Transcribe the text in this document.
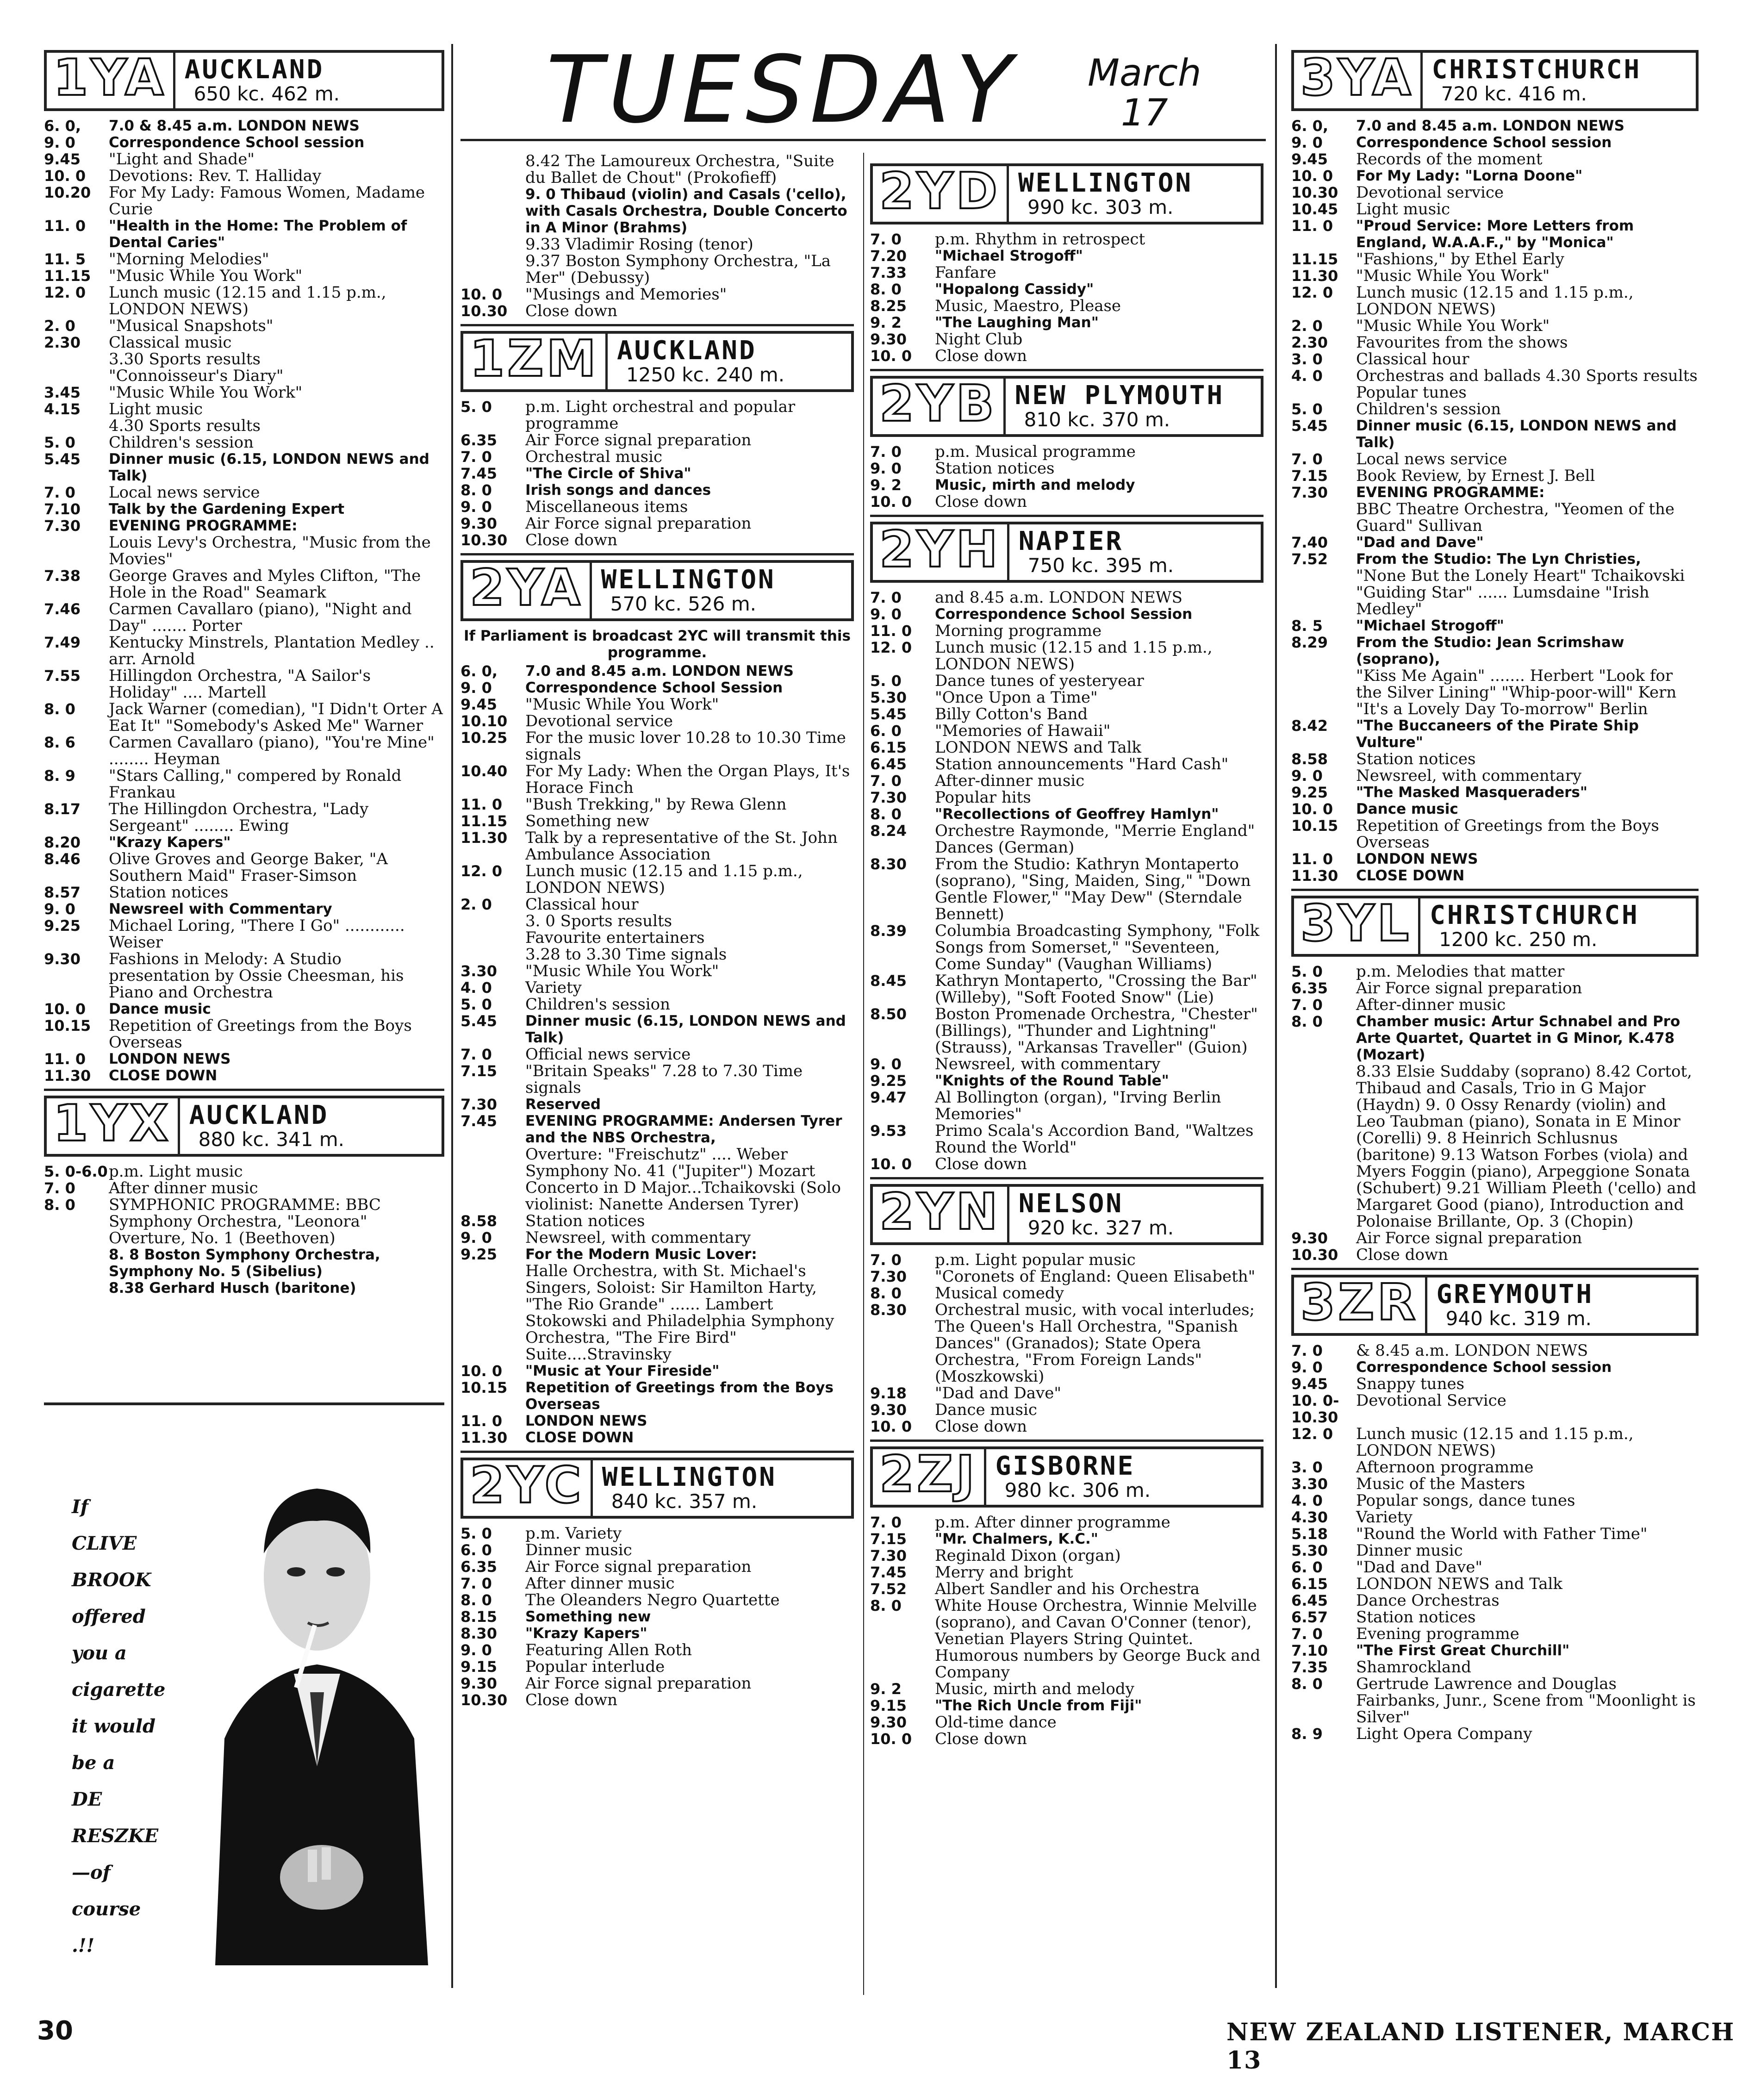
TUESDAY March
17
1YA AUCKLAND
650 kc. 462 m.
6. 0,	7.0 & 8.45 a.m. LONDON NEWS
9. 0	Correspondence School session
9.45	"Light and Shade"
10. 0	Devotions: Rev. T. Halliday
10.20	For My Lady: Famous Women, Madame Curie
11. 0	"Health in the Home: The Problem of Dental Caries"
11. 5	"Morning Melodies"
11.15	"Music While You Work"
12. 0	Lunch music (12.15 and 1.15 p.m., LONDON NEWS)
2. 0	"Musical Snapshots"
2.30	Classical music
3.30 Sports results
"Connoisseur's Diary"
3.45	"Music While You Work"
4.15	Light music
4.30 Sports results
5. 0	Children's session
5.45	Dinner music (6.15, LONDON NEWS and Talk)
7. 0	Local news service
7.10	Talk by the Gardening Expert
7.30	EVENING PROGRAMME:
Louis Levy's Orchestra, "Music from the Movies"
7.38	George Graves and Myles Clifton, "The Hole in the Road" Seamark
7.46	Carmen Cavallaro (piano), "Night and Day" ....... Porter
7.49	Kentucky Minstrels, Plantation Medley .. arr. Arnold
7.55	Hillingdon Orchestra, "A Sailor's Holiday" .... Martell
8. 0	Jack Warner (comedian), "I Didn't Orter A Eat It" "Somebody's Asked Me" Warner
8. 6	Carmen Cavallaro (piano), "You're Mine" ........ Heyman
8. 9	"Stars Calling," compered by Ronald Frankau
8.17	The Hillingdon Orchestra, "Lady Sergeant" ........ Ewing
8.20	"Krazy Kapers"
8.46	Olive Groves and George Baker, "A Southern Maid" Fraser-Simson
8.57	Station notices
9. 0	Newsreel with Commentary
9.25	Michael Loring, "There I Go" ............ Weiser
9.30	Fashions in Melody: A Studio presentation by Ossie Cheesman, his Piano and Orchestra
10. 0	Dance music
10.15	Repetition of Greetings from the Boys Overseas
11. 0	LONDON NEWS
11.30	CLOSE DOWN
1YX AUCKLAND
880 kc. 341 m.
5. 0-6.0 p.m. Light music
7. 0	After dinner music
8. 0	SYMPHONIC PROGRAMME: BBC Symphony Orchestra, "Leonora" Overture, No. 1 (Beethoven)
8. 8 Boston Symphony Orchestra, Symphony No. 5 (Sibelius)
8.38 Gerhard Husch (baritone)
8.42 The Lamoureux Orchestra, "Suite du Ballet de Chout" (Prokofieff)
9. 0 Thibaud (violin) and Casals ('cello), with Casals Orchestra, Double Concerto in A Minor (Brahms)
9.33 Vladimir Rosing (tenor)
9.37 Boston Symphony Orchestra, "La Mer" (Debussy)
10. 0	"Musings and Memories"
10.30	Close down
1ZM AUCKLAND
1250 kc. 240 m.
5. 0	p.m. Light orchestral and popular programme
6.35	Air Force signal preparation
7. 0	Orchestral music
7.45	"The Circle of Shiva"
8. 0	Irish songs and dances
9. 0	Miscellaneous items
9.30	Air Force signal preparation
10.30	Close down
2YA WELLINGTON
570 kc. 526 m.
If Parliament is broadcast 2YC will transmit this programme.
6. 0,	7.0 and 8.45 a.m. LONDON NEWS
9. 0	Correspondence School Session
9.45	"Music While You Work"
10.10	Devotional service
10.25	For the music lover 10.28 to 10.30 Time signals
10.40	For My Lady: When the Organ Plays, It's Horace Finch
11. 0	"Bush Trekking," by Rewa Glenn
11.15	Something new
11.30	Talk by a representative of the St. John Ambulance Association
12. 0	Lunch music (12.15 and 1.15 p.m., LONDON NEWS)
2. 0	Classical hour
3. 0 Sports results
Favourite entertainers
3.28 to 3.30 Time signals
3.30	"Music While You Work"
4. 0	Variety
5. 0	Children's session
5.45	Dinner music (6.15, LONDON NEWS and Talk)
7. 0	Official news service
7.15	"Britain Speaks" 7.28 to 7.30 Time signals
7.30	Reserved
7.45	EVENING PROGRAMME: Andersen Tyrer and the NBS Orchestra,
Overture: "Freischutz" .... Weber Symphony No. 41 ("Jupiter") Mozart Concerto in D Major...Tchaikovski (Solo violinist: Nanette Andersen Tyrer)
8.58	Station notices
9. 0	Newsreel, with commentary
9.25	For the Modern Music Lover:
Halle Orchestra, with St. Michael's Singers, Soloist: Sir Hamilton Harty, "The Rio Grande" ...... Lambert Stokowski and Philadelphia Symphony Orchestra, "The Fire Bird" Suite....Stravinsky
10. 0	"Music at Your Fireside"
10.15	Repetition of Greetings from the Boys Overseas
11. 0	LONDON NEWS
11.30	CLOSE DOWN
2YC WELLINGTON
840 kc. 357 m.
5. 0	p.m. Variety
6. 0	Dinner music
6.35	Air Force signal preparation
7. 0	After dinner music
8. 0	The Oleanders Negro Quartette
8.15	Something new
8.30	"Krazy Kapers"
9. 0	Featuring Allen Roth
9.15	Popular interlude
9.30	Air Force signal preparation
10.30	Close down
2YD WELLINGTON
990 kc. 303 m.
7. 0	p.m. Rhythm in retrospect
7.20	"Michael Strogoff"
7.33	Fanfare
8. 0	"Hopalong Cassidy"
8.25	Music, Maestro, Please
9. 2	"The Laughing Man"
9.30	Night Club
10. 0	Close down
2YB NEW PLYMOUTH
810 kc. 370 m.
7. 0	p.m. Musical programme
9. 0	Station notices
9. 2	Music, mirth and melody
10. 0	Close down
2YH NAPIER
750 kc. 395 m.
7. 0	and 8.45 a.m. LONDON NEWS
9. 0	Correspondence School Session
11. 0	Morning programme
12. 0	Lunch music (12.15 and 1.15 p.m., LONDON NEWS)
5. 0	Dance tunes of yesteryear
5.30	"Once Upon a Time"
5.45	Billy Cotton's Band
6. 0	"Memories of Hawaii"
6.15	LONDON NEWS and Talk
6.45	Station announcements "Hard Cash"
7. 0	After-dinner music
7.30	Popular hits
8. 0	"Recollections of Geoffrey Hamlyn"
8.24	Orchestre Raymonde, "Merrie England" Dances (German)
8.30	From the Studio: Kathryn Montaperto (soprano), "Sing, Maiden, Sing," "Down Gentle Flower," "May Dew" (Sterndale Bennett)
8.39	Columbia Broadcasting Symphony, "Folk Songs from Somerset," "Seventeen, Come Sunday" (Vaughan Williams)
8.45	Kathryn Montaperto, "Crossing the Bar" (Willeby), "Soft Footed Snow" (Lie)
8.50	Boston Promenade Orchestra, "Chester" (Billings), "Thunder and Lightning" (Strauss), "Arkansas Traveller" (Guion)
9. 0	Newsreel, with commentary
9.25	"Knights of the Round Table"
9.47	Al Bollington (organ), "Irving Berlin Memories"
9.53	Primo Scala's Accordion Band, "Waltzes Round the World"
10. 0	Close down
2YN NELSON
920 kc. 327 m.
7. 0	p.m. Light popular music
7.30	"Coronets of England: Queen Elisabeth"
8. 0	Musical comedy
8.30	Orchestral music, with vocal interludes; The Queen's Hall Orchestra, "Spanish Dances" (Granados); State Opera Orchestra, "From Foreign Lands" (Moszkowski)
9.18	"Dad and Dave"
9.30	Dance music
10. 0	Close down
2ZJ GISBORNE
980 kc. 306 m.
7. 0	p.m. After dinner programme
7.15	"Mr. Chalmers, K.C."
7.30	Reginald Dixon (organ)
7.45	Merry and bright
7.52	Albert Sandler and his Orchestra
8. 0	White House Orchestra, Winnie Melville (soprano), and Cavan O'Conner (tenor), Venetian Players String Quintet. Humorous numbers by George Buck and Company
9. 2	Music, mirth and melody
9.15	"The Rich Uncle from Fiji"
9.30	Old-time dance
10. 0	Close down
3YA CHRISTCHURCH
720 kc. 416 m.
6. 0,	7.0 and 8.45 a.m. LONDON NEWS
9. 0	Correspondence School session
9.45	Records of the moment
10. 0	For My Lady: "Lorna Doone"
10.30	Devotional service
10.45	Light music
11. 0	"Proud Service: More Letters from England, W.A.A.F.," by "Monica"
11.15	"Fashions," by Ethel Early
11.30	"Music While You Work"
12. 0	Lunch music (12.15 and 1.15 p.m., LONDON NEWS)
2. 0	"Music While You Work"
2.30	Favourites from the shows
3. 0	Classical hour
4. 0	Orchestras and ballads 4.30 Sports results Popular tunes
5. 0	Children's session
5.45	Dinner music (6.15, LONDON NEWS and Talk)
7. 0	Local news service
7.15	Book Review, by Ernest J. Bell
7.30	EVENING PROGRAMME:
BBC Theatre Orchestra, "Yeomen of the Guard" Sullivan
7.40	"Dad and Dave"
7.52	From the Studio: The Lyn Christies,
"None But the Lonely Heart" Tchaikovski "Guiding Star" ...... Lumsdaine "Irish Medley"
8. 5	"Michael Strogoff"
8.29	From the Studio: Jean Scrimshaw (soprano),
"Kiss Me Again" ....... Herbert "Look for the Silver Lining" "Whip-poor-will" Kern "It's a Lovely Day To-morrow" Berlin
8.42	"The Buccaneers of the Pirate Ship Vulture"
8.58	Station notices
9. 0	Newsreel, with commentary
9.25	"The Masked Masqueraders"
10. 0	Dance music
10.15	Repetition of Greetings from the Boys Overseas
11. 0	LONDON NEWS
11.30	CLOSE DOWN
3YL CHRISTCHURCH
1200 kc. 250 m.
5. 0	p.m. Melodies that matter
6.35	Air Force signal preparation
7. 0	After-dinner music
8. 0	Chamber music: Artur Schnabel and Pro Arte Quartet, Quartet in G Minor, K.478 (Mozart)
8.33 Elsie Suddaby (soprano) 8.42 Cortot, Thibaud and Casals, Trio in G Major (Haydn) 9. 0 Ossy Renardy (violin) and Leo Taubman (piano), Sonata in E Minor (Corelli) 9. 8 Heinrich Schlusnus (baritone) 9.13 Watson Forbes (viola) and Myers Foggin (piano), Arpeggione Sonata (Schubert) 9.21 William Pleeth ('cello) and Margaret Good (piano), Introduction and Polonaise Brillante, Op. 3 (Chopin)
9.30	Air Force signal preparation
10.30	Close down
3ZR GREYMOUTH
940 kc. 319 m.
7. 0	& 8.45 a.m. LONDON NEWS
9. 0	Correspondence School session
9.45	Snappy tunes
10. 0-10.30
Devotional Service
12. 0	Lunch music (12.15 and 1.15 p.m., LONDON NEWS)
3. 0	Afternoon programme
3.30	Music of the Masters
4. 0	Popular songs, dance tunes
4.30	Variety
5.18	"Round the World with Father Time"
5.30	Dinner music
6. 0	"Dad and Dave"
6.15	LONDON NEWS and Talk
6.45	Dance Orchestras
6.57	Station notices
7. 0	Evening programme
7.10	"The First Great Churchill"
7.35	Shamrockland
8. 0	Gertrude Lawrence and Douglas Fairbanks, Junr., Scene from "Moonlight is Silver"
8. 9	Light Opera Company
If
CLIVE
BROOK
offered
you a
cigarette
it would
be a
DE
RESZKE
—of
course
.!!
30	NEW ZEALAND LISTENER, MARCH 13
